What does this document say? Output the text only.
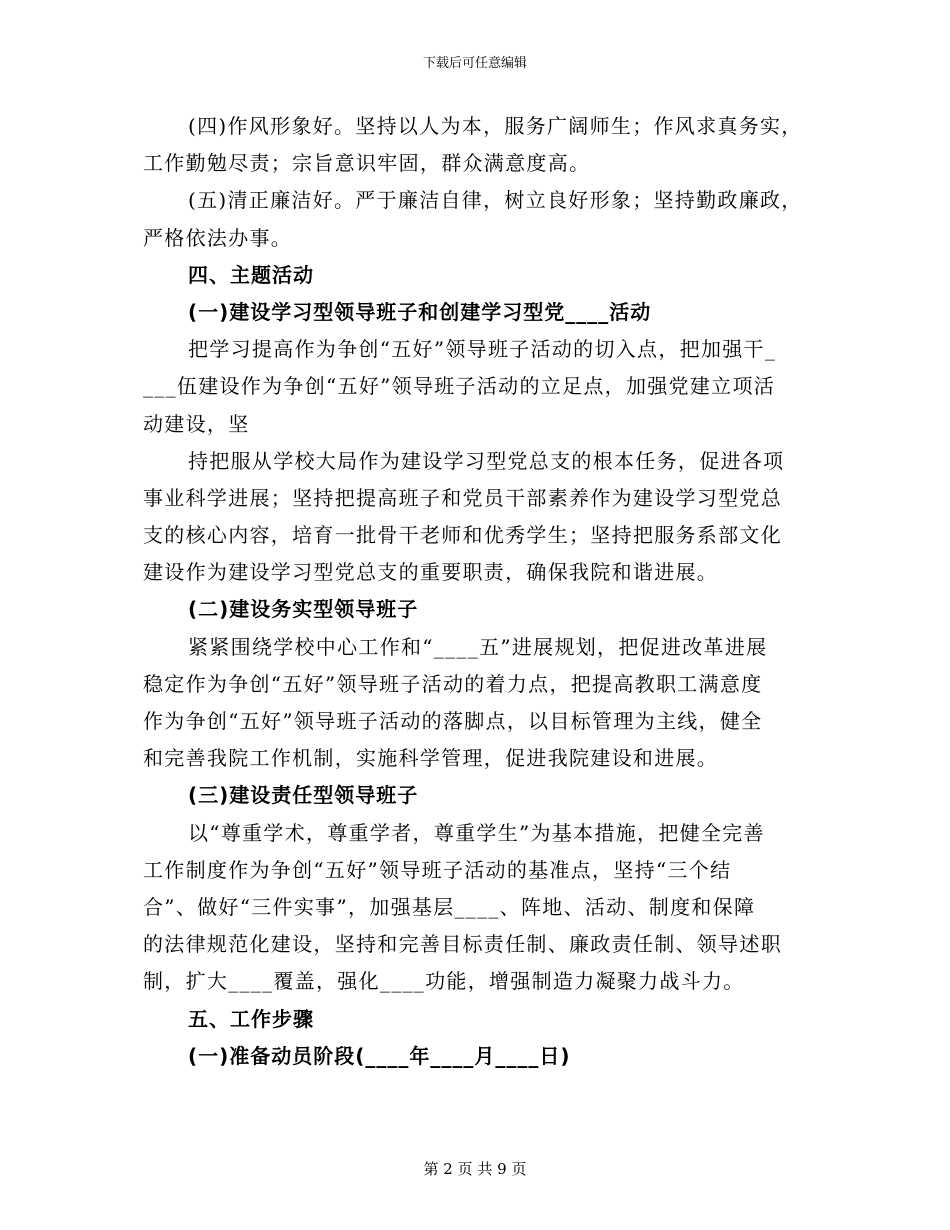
下载后可任意编辑
(四)作风形象好。坚持以人为本，服务广阔师生；作风求真务实，
工作勤勉尽责；宗旨意识牢固，群众满意度高。
(五)清正廉洁好。严于廉洁自律，树立良好形象；坚持勤政廉政，
严格依法办事。
四、主题活动
(一)建设学习型领导班子和创建学习型党____活动
把学习提高作为争创“五好”领导班子活动的切入点，把加强干_
___伍建设作为争创“五好”领导班子活动的立足点，加强党建立项活
动建设，坚
持把服从学校大局作为建设学习型党总支的根本任务，促进各项
事业科学进展；坚持把提高班子和党员干部素养作为建设学习型党总
支的核心内容，培育一批骨干老师和优秀学生；坚持把服务系部文化
建设作为建设学习型党总支的重要职责，确保我院和谐进展。
(二)建设务实型领导班子
紧紧围绕学校中心工作和“____五”进展规划，把促进改革进展
稳定作为争创“五好”领导班子活动的着力点，把提高教职工满意度
作为争创“五好”领导班子活动的落脚点，以目标管理为主线，健全
和完善我院工作机制，实施科学管理，促进我院建设和进展。
(三)建设责任型领导班子
以“尊重学术，尊重学者，尊重学生”为基本措施，把健全完善
工作制度作为争创“五好”领导班子活动的基准点，坚持“三个结
合”、做好“三件实事”，加强基层____、阵地、活动、制度和保障
的法律规范化建设，坚持和完善目标责任制、廉政责任制、领导述职
制，扩大____覆盖，强化____功能，增强制造力凝聚力战斗力。
五、工作步骤
(一)准备动员阶段(____年____月____日)
第 2 页 共 9 页
